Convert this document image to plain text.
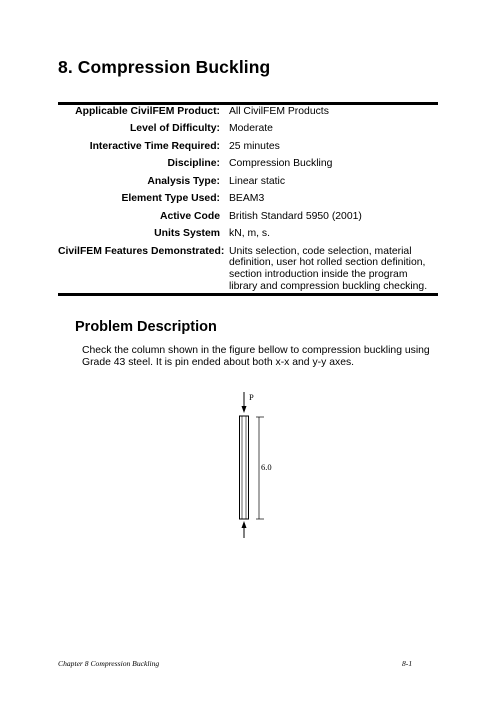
8. Compression Buckling
Applicable CivilFEM Product: All CivilFEM Products
Level of Difficulty: Moderate
Interactive Time Required: 25 minutes
Discipline: Compression Buckling
Analysis Type: Linear static
Element Type Used: BEAM3
Active Code British Standard 5950 (2001)
Units System kN, m, s.
CivilFEM Features Demonstrated: Units selection, code selection, material definition, user hot rolled section definition, section introduction inside the program library and compression buckling checking.
Problem Description

Check the column shown in the figure bellow to compression buckling using Grade 43 steel. It is pin ended about both x-x and y-y axes.

P
6.0
Chapter 8 Compression Buckling	8-1
